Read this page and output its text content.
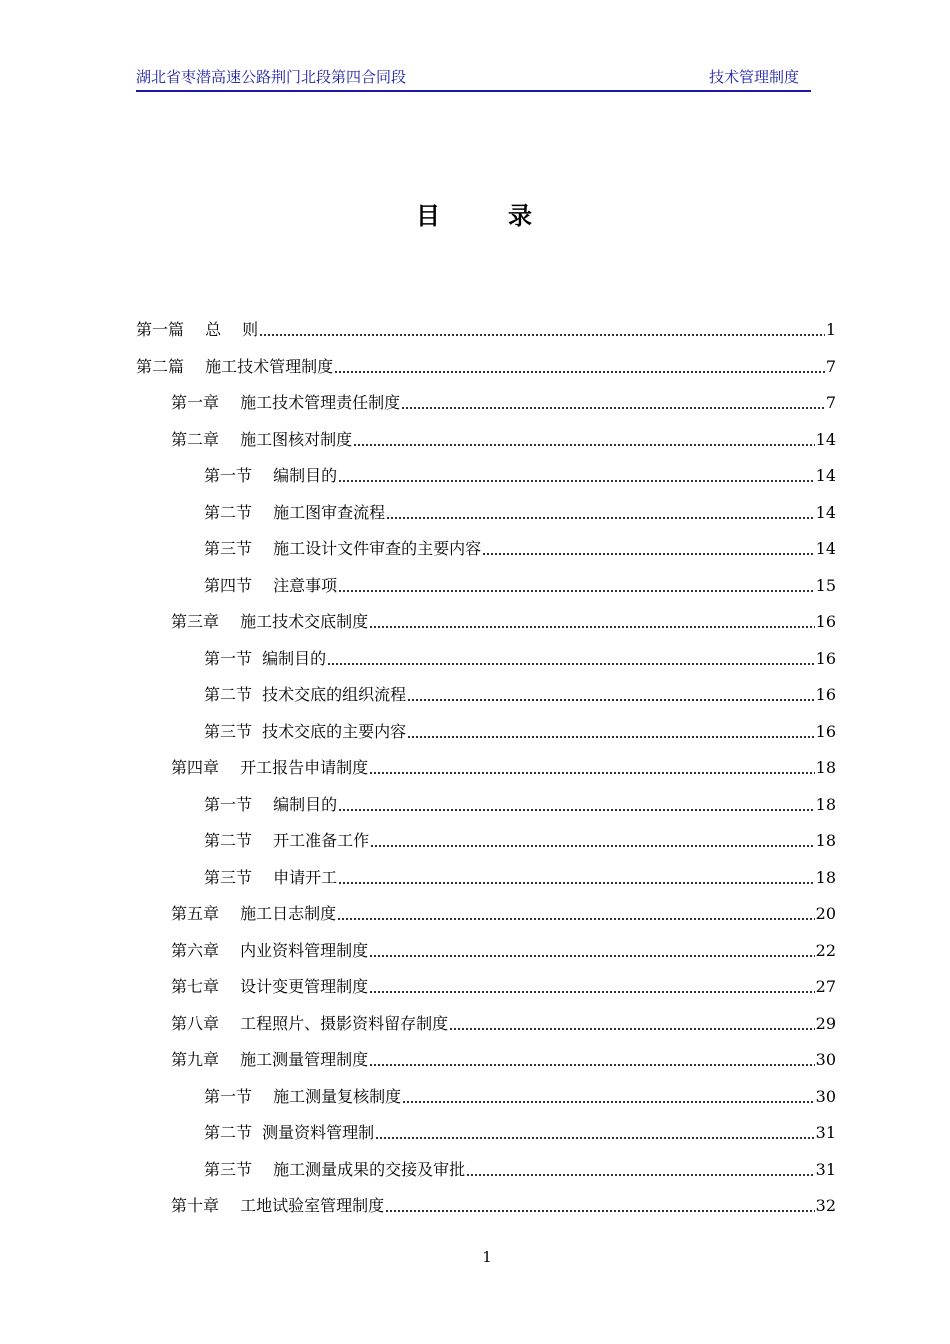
湖北省枣潜高速公路荆门北段第四合同段	技术管理制度
目	录
第一篇　 总　 则	1
第二篇　 施工技术管理制度	7
第一章　 施工技术管理责任制度	7
第二章　 施工图核对制度	14
第一节　 编制目的	14
第二节　 施工图审查流程	14
第三节　 施工设计文件审查的主要内容	14
第四节　 注意事项	15
第三章　 施工技术交底制度	16
第一节  编制目的	16
第二节  技术交底的组织流程	16
第三节  技术交底的主要内容	16
第四章　 开工报告申请制度	18
第一节　 编制目的	18
第二节　 开工准备工作	18
第三节　 申请开工	18
第五章　 施工日志制度	20
第六章　 内业资料管理制度	22
第七章　 设计变更管理制度	27
第八章　 工程照片、摄影资料留存制度	29
第九章　 施工测量管理制度	30
第一节　 施工测量复核制度	30
第二节  测量资料管理制	31
第三节　 施工测量成果的交接及审批	31
第十章　 工地试验室管理制度	32
1
